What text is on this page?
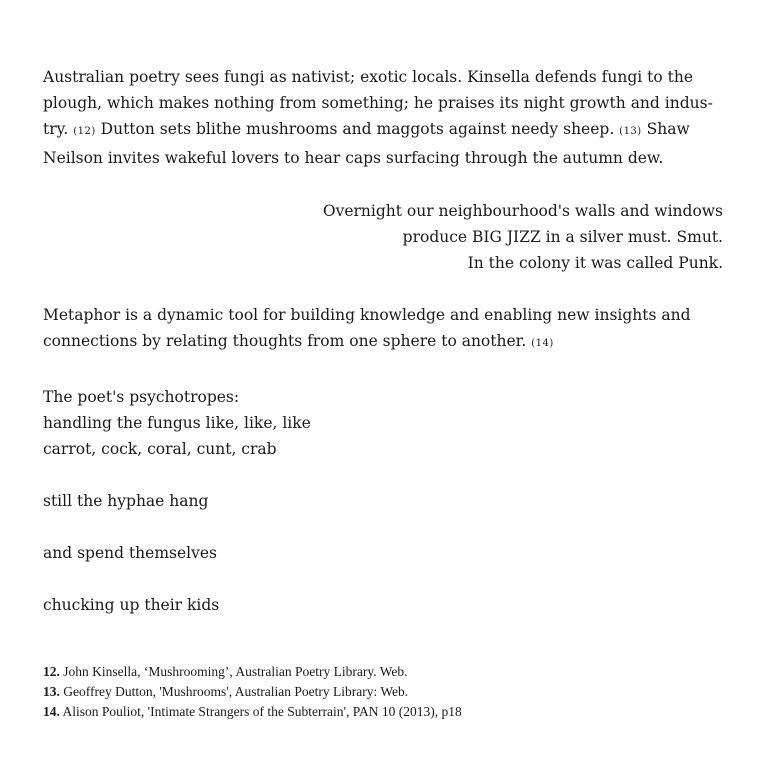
Australian poetry sees fungi as nativist; exotic locals. Kinsella defends fungi to the
plough, which makes nothing from something; he praises its night growth and indus-
try. (12) Dutton sets blithe mushrooms and maggots against needy sheep. (13) Shaw
Neilson invites wakeful lovers to hear caps surfacing through the autumn dew.

Overnight our neighbourhood's walls and windows
produce BIG JIZZ in a silver must. Smut.
In the colony it was called Punk.

Metaphor is a dynamic tool for building knowledge and enabling new insights and
connections by relating thoughts from one sphere to another. (14)

The poet's psychotropes:
handling the fungus like, like, like
carrot, cock, coral, cunt, crab
still the hyphae hang
and spend themselves
chucking up their kids
12. John Kinsella, ‘Mushrooming’, Australian Poetry Library. Web.
13. Geoffrey Dutton, 'Mushrooms', Australian Poetry Library: Web.
14. Alison Pouliot, 'Intimate Strangers of the Subterrain', PAN 10 (2013), p18
